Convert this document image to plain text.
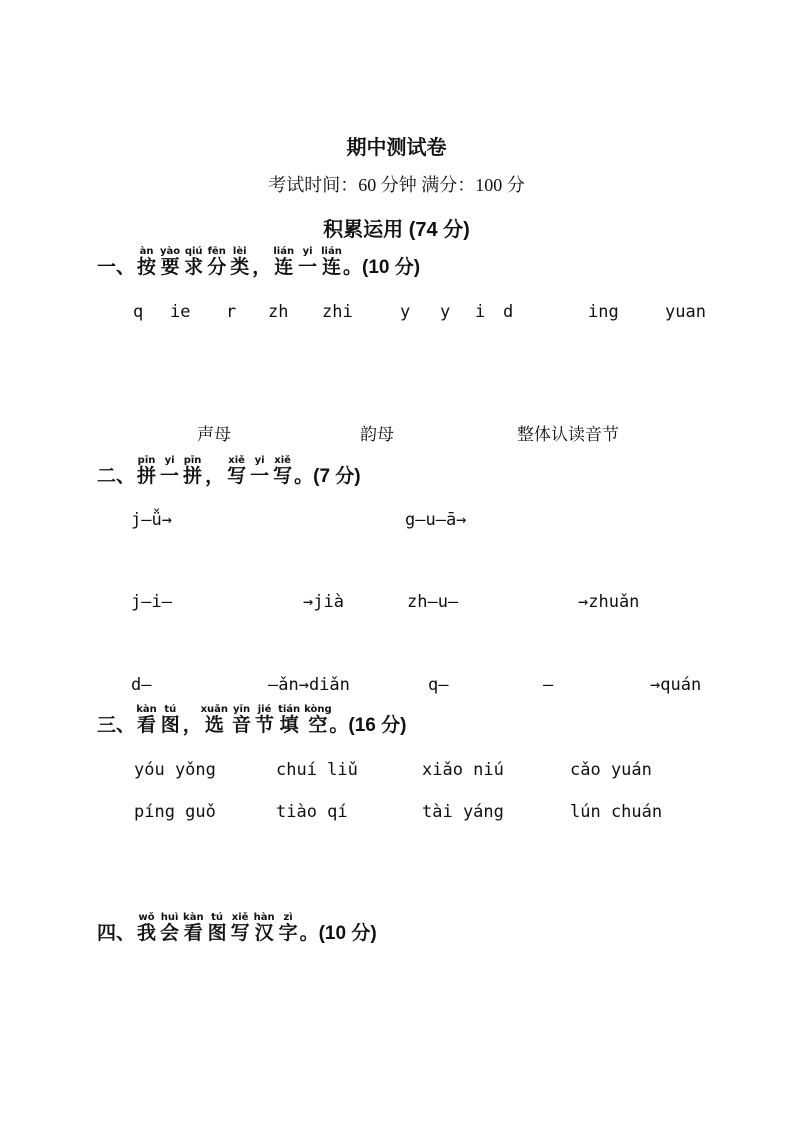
期中测试卷
考试时间：60 分钟 满分：100 分
积累运用 (74 分)
一、 按àn要yào求qiú分fēn类lèi， 连lián一yi连lián。(10 分)
q ie r zh zhi	y y i d	ing	yuan
声母	韵母	整体认读音节
二、 拼pīn一yi拼pīn， 写xiě一yi写xiě。(7 分)
j—ǚ→	g—u—ā→
j—i—	→jià	zh—u—	→zhuǎn
d—	—ǎn→diǎn	q—	—	→quán
三、看kàn图tú，选xuǎn音yīn节jié填tián空kòng。(16 分)
yóu yǒng	chuí liǔ	xiǎo niú	cǎo yuán
píng guǒ	tiào qí	tài yáng	lún chuán
四、 我wǒ会huì看kàn图tú写xiě汉hàn字zì。(10 分)
